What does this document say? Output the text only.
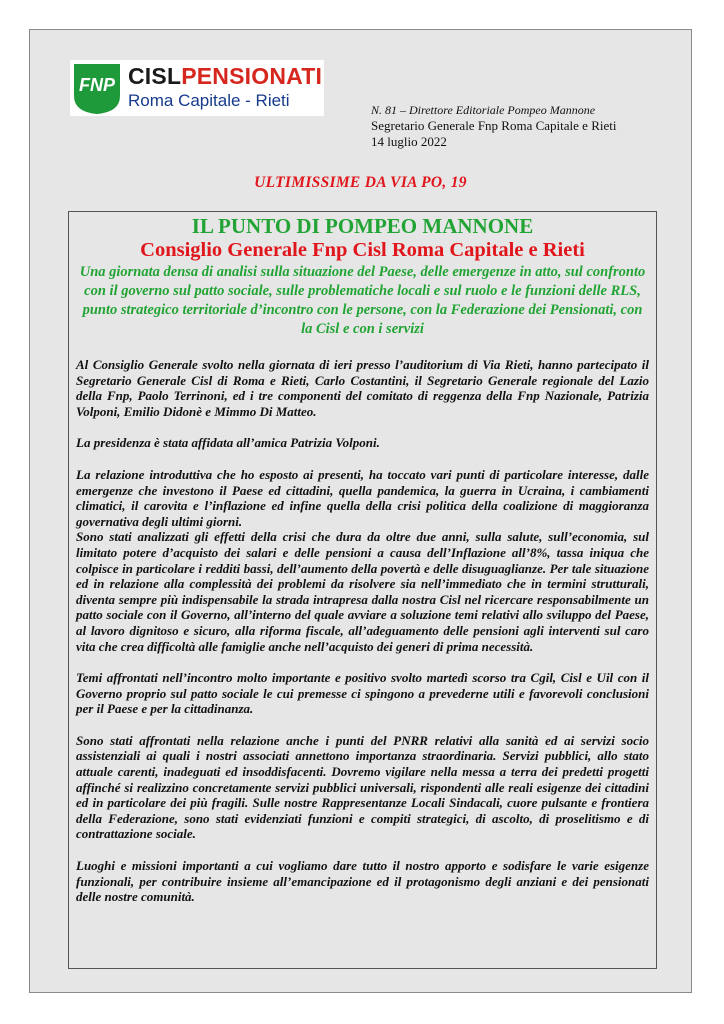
FNP CISLPENSIONATI
Roma Capitale - Rieti	N. 81 – Direttore Editoriale Pompeo Mannone
Segretario Generale Fnp Roma Capitale e Rieti
14 luglio 2022
ULTIMISSIME DA VIA PO, 19
IL PUNTO DI POMPEO MANNONE
Consiglio Generale Fnp Cisl Roma Capitale e Rieti
Una giornata densa di analisi sulla situazione del Paese, delle emergenze in atto, sul confronto con il governo sul patto sociale, sulle problematiche locali e sul ruolo e le funzioni delle RLS, punto strategico territoriale d’incontro con le persone, con la Federazione dei Pensionati, con la Cisl e con i servizi

Al Consiglio Generale svolto nella giornata di ieri presso l’auditorium di Via Rieti, hanno partecipato il Segretario Generale Cisl di Roma e Rieti, Carlo Costantini, il Segretario Generale regionale del Lazio della Fnp, Paolo Terrinoni, ed i tre componenti del comitato di reggenza della Fnp Nazionale, Patrizia Volponi, Emilio Didonè e Mimmo Di Matteo.

La presidenza è stata affidata all’amica Patrizia Volponi.

La relazione introduttiva che ho esposto ai presenti, ha toccato vari punti di particolare interesse, dalle emergenze che investono il Paese ed cittadini, quella pandemica, la guerra in Ucraina, i cambiamenti climatici, il carovita e l’inflazione ed infine quella della crisi politica della coalizione di maggioranza governativa degli ultimi giorni.

Sono stati analizzati gli effetti della crisi che dura da oltre due anni, sulla salute, sull’economia, sul limitato potere d’acquisto dei salari e delle pensioni a causa dell’Inflazione all’8%, tassa iniqua che colpisce in particolare i redditi bassi, dell’aumento della povertà e delle disuguaglianze. Per tale situazione ed in relazione alla complessità dei problemi da risolvere sia nell’immediato che in termini strutturali, diventa sempre più indispensabile la strada intrapresa dalla nostra Cisl nel ricercare responsabilmente un patto sociale con il Governo, all’interno del quale avviare a soluzione temi relativi allo sviluppo del Paese, al lavoro dignitoso e sicuro, alla riforma fiscale, all’adeguamento delle pensioni agli interventi sul caro vita che crea difficoltà alle famiglie anche nell’acquisto dei generi di prima necessità.

Temi affrontati nell’incontro molto importante e positivo svolto martedì scorso tra Cgil, Cisl e Uil con il Governo proprio sul patto sociale le cui premesse ci spingono a prevederne utili e favorevoli conclusioni per il Paese e per la cittadinanza.

Sono stati affrontati nella relazione anche i punti del PNRR relativi alla sanità ed ai servizi socio assistenziali ai quali i nostri associati annettono importanza straordinaria. Servizi pubblici, allo stato attuale carenti, inadeguati ed insoddisfacenti. Dovremo vigilare nella messa a terra dei predetti progetti affinché si realizzino concretamente servizi pubblici universali, rispondenti alle reali esigenze dei cittadini ed in particolare dei più fragili. Sulle nostre Rappresentanze Locali Sindacali, cuore pulsante e frontiera della Federazione, sono stati evidenziati funzioni e compiti strategici, di ascolto, di proselitismo e di contrattazione sociale.

Luoghi e missioni importanti a cui vogliamo dare tutto il nostro apporto e sodisfare le varie esigenze funzionali, per contribuire insieme all’emancipazione ed il protagonismo degli anziani e dei pensionati delle nostre comunità.
